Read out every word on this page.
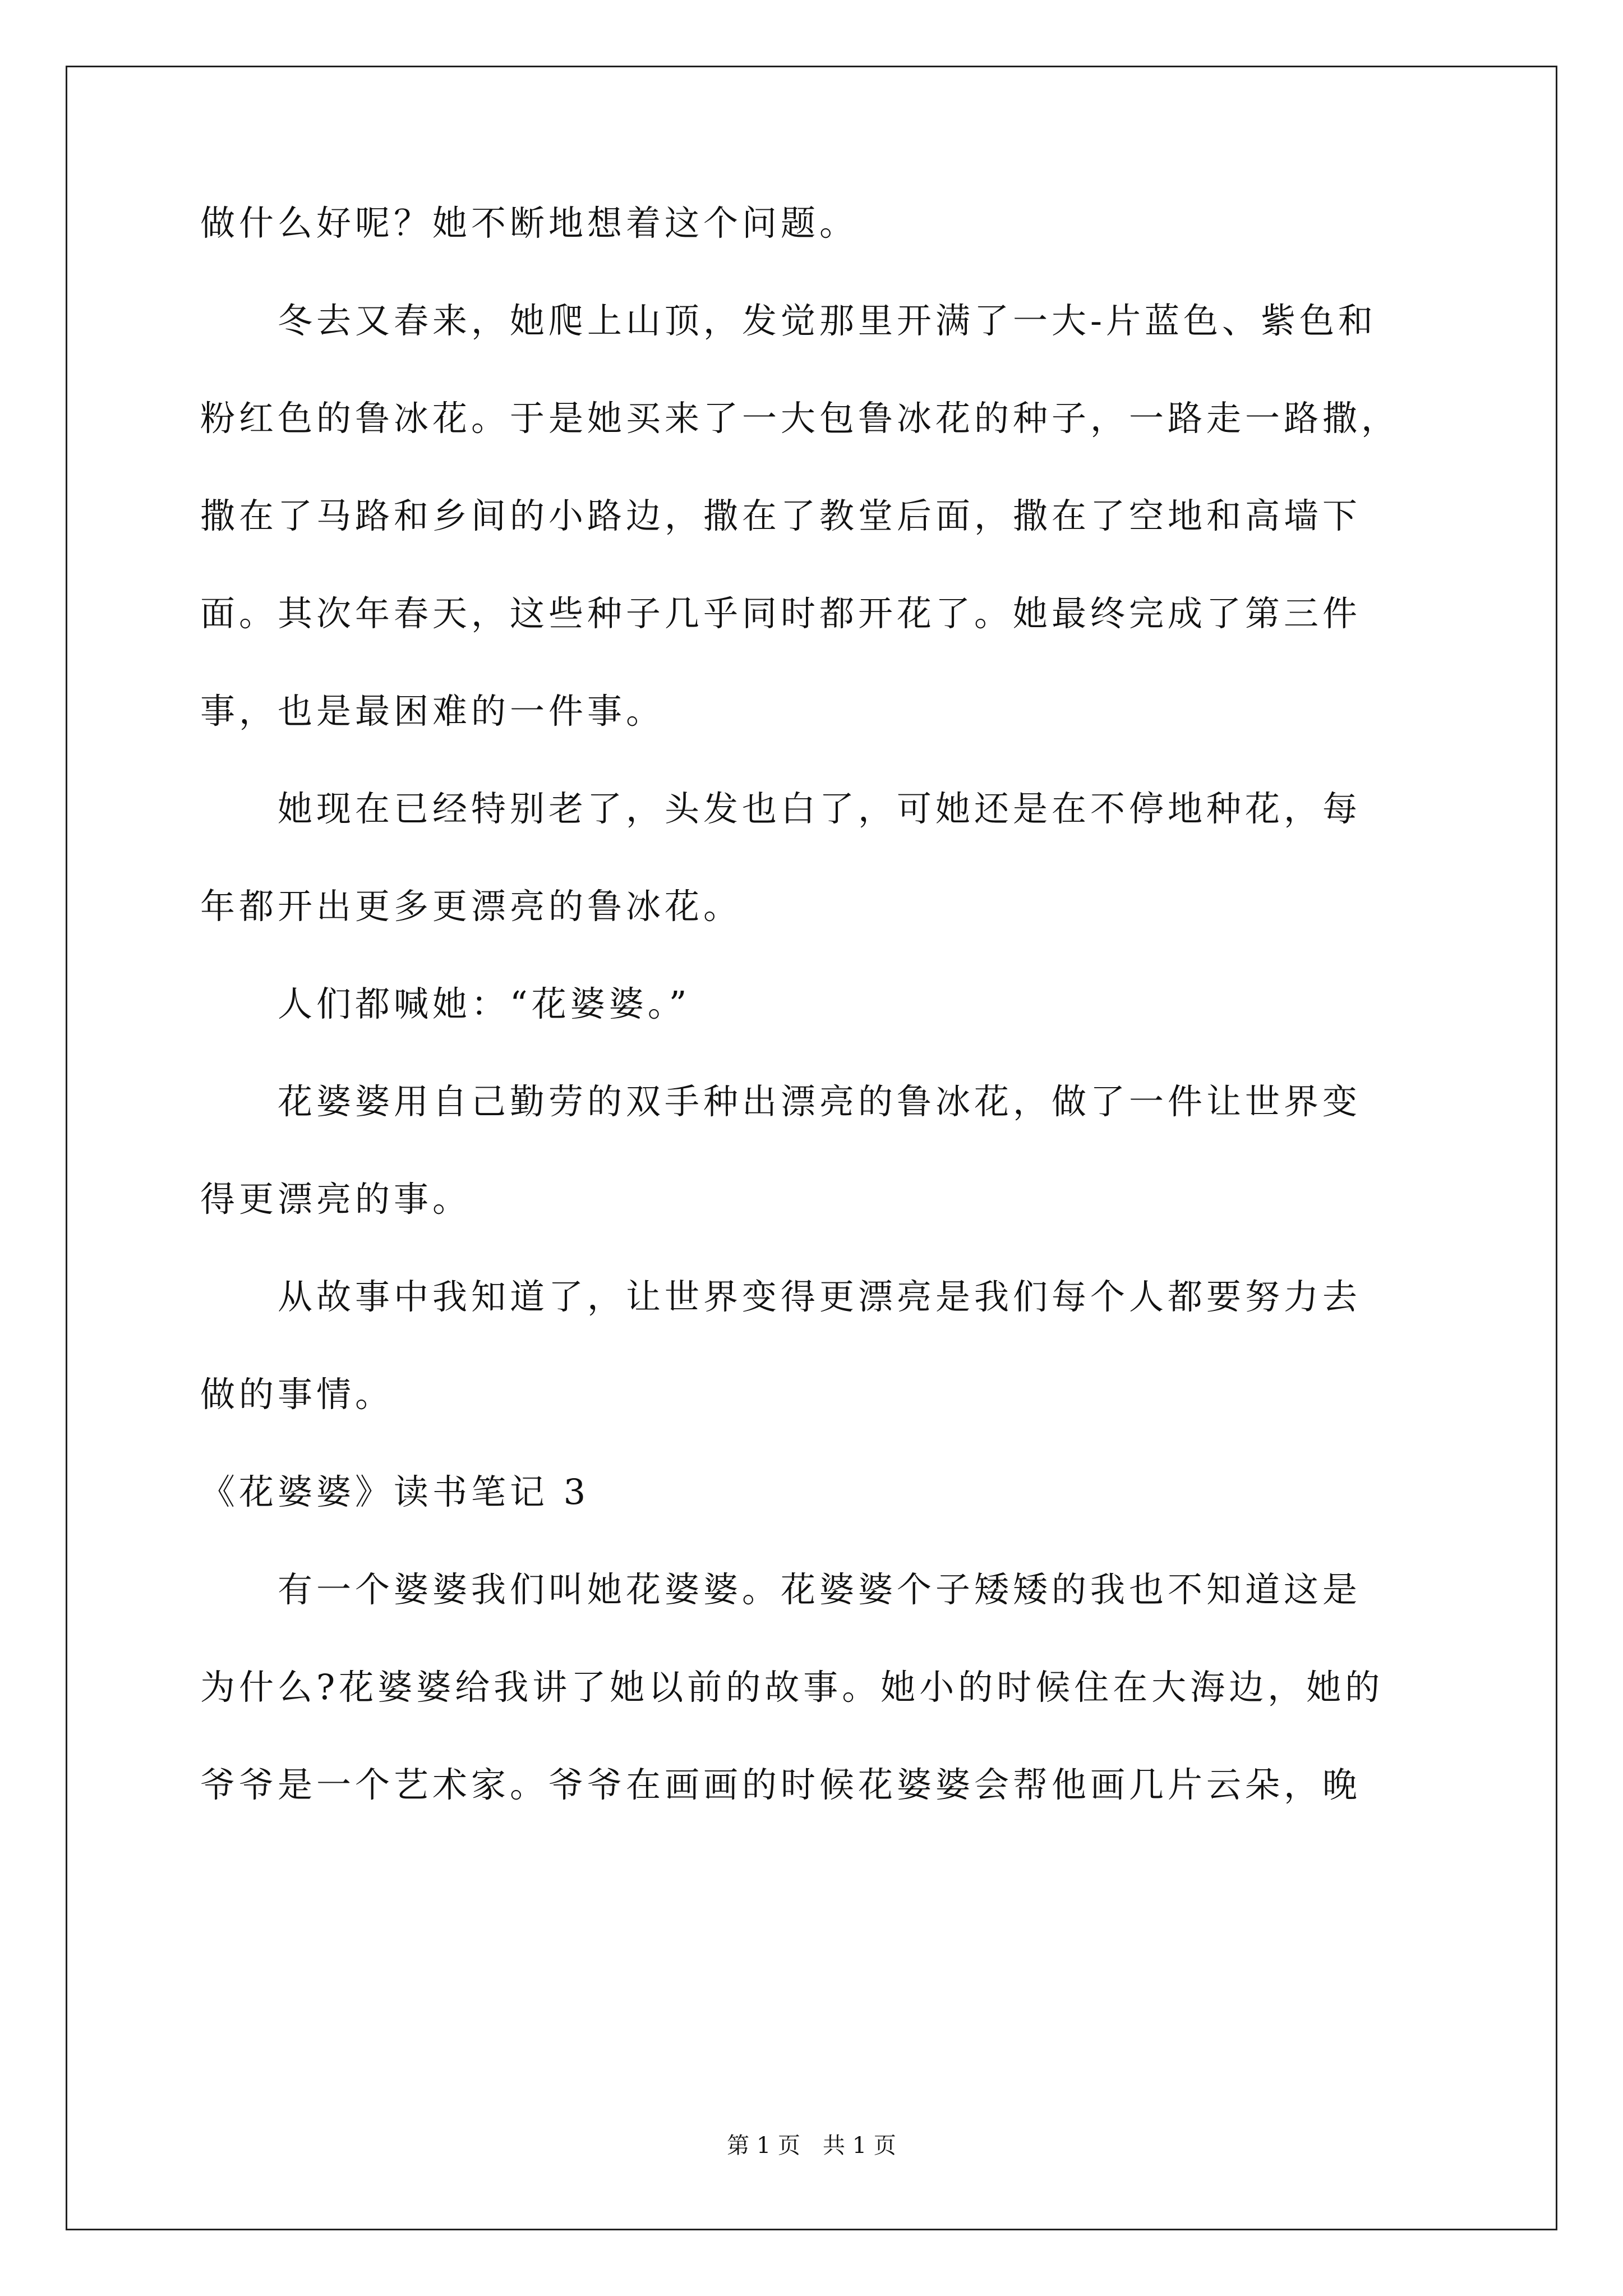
做什么好呢？她不断地想着这个问题。
　　冬去又春来，她爬上山顶，发觉那里开满了一大-片蓝色、紫色和
粉红色的鲁冰花。于是她买来了一大包鲁冰花的种子，一路走一路撒，
撒在了马路和乡间的小路边，撒在了教堂后面，撒在了空地和高墙下
面。其次年春天，这些种子几乎同时都开花了。她最终完成了第三件
事，也是最困难的一件事。
　　她现在已经特别老了，头发也白了，可她还是在不停地种花，每
年都开出更多更漂亮的鲁冰花。
　　人们都喊她：“花婆婆。”
　　花婆婆用自己勤劳的双手种出漂亮的鲁冰花，做了一件让世界变
得更漂亮的事。
　　从故事中我知道了，让世界变得更漂亮是我们每个人都要努力去
做的事情。
《花婆婆》读书笔记 3
　　有一个婆婆我们叫她花婆婆。花婆婆个子矮矮的我也不知道这是
为什么?花婆婆给我讲了她以前的故事。她小的时候住在大海边，她的
爷爷是一个艺术家。爷爷在画画的时候花婆婆会帮他画几片云朵，晚
第 1 页　共 1 页
